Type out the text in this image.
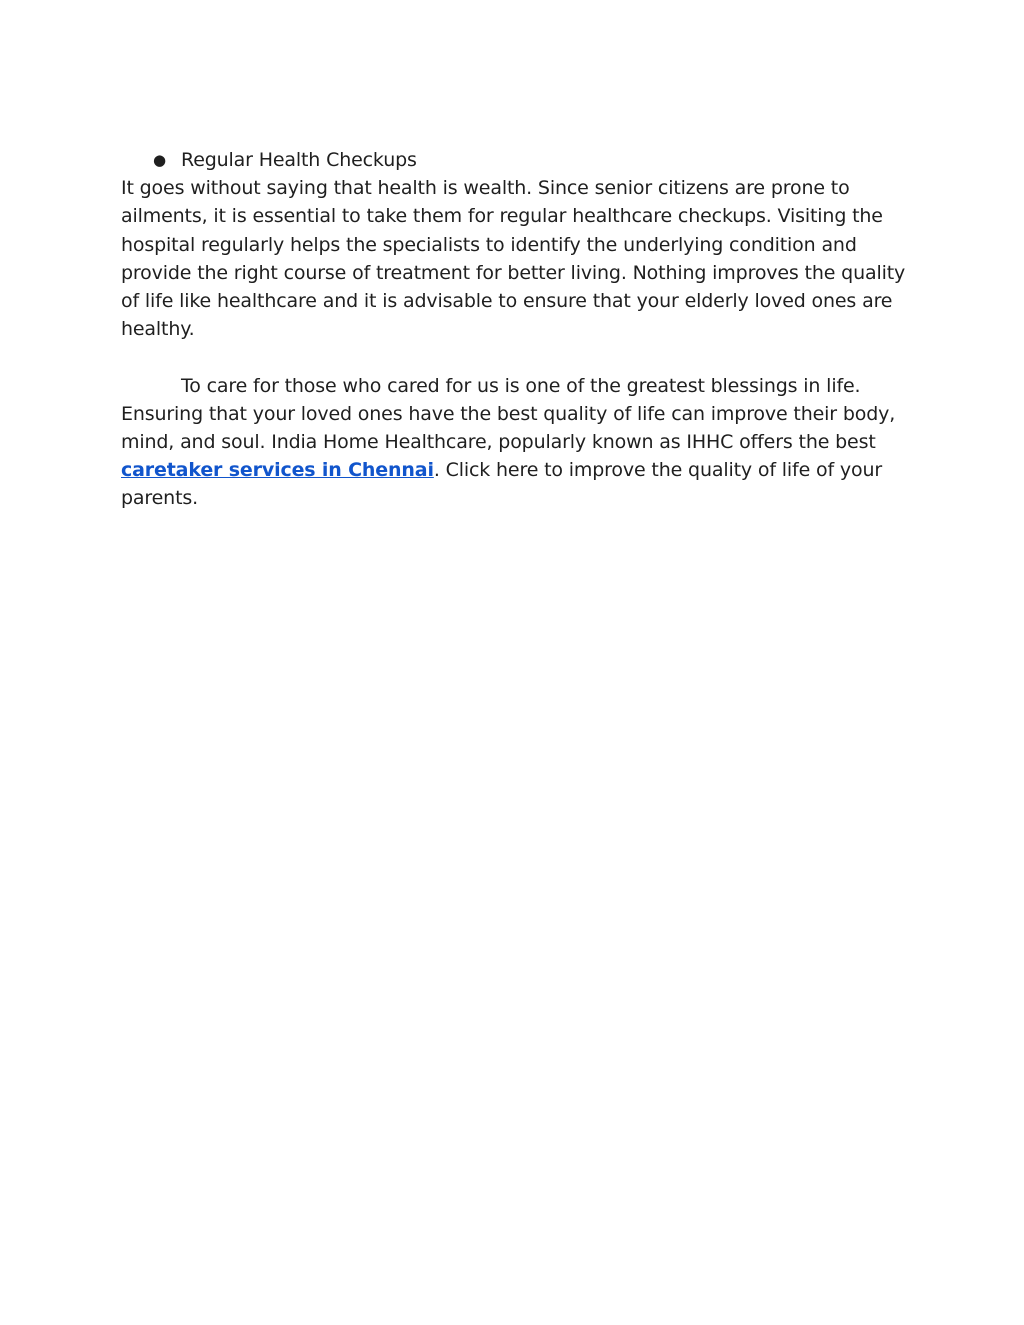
● Regular Health Checkups

It goes without saying that health is wealth. Since senior citizens are prone to ailments, it is essential to take them for regular healthcare checkups. Visiting the hospital regularly helps the specialists to identify the underlying condition and provide the right course of treatment for better living. Nothing improves the quality of life like healthcare and it is advisable to ensure that your elderly loved ones are healthy.

To care for those who cared for us is one of the greatest blessings in life. Ensuring that your loved ones have the best quality of life can improve their body, mind, and soul. India Home Healthcare, popularly known as IHHC offers the best caretaker services in Chennai. Click here to improve the quality of life of your parents.
